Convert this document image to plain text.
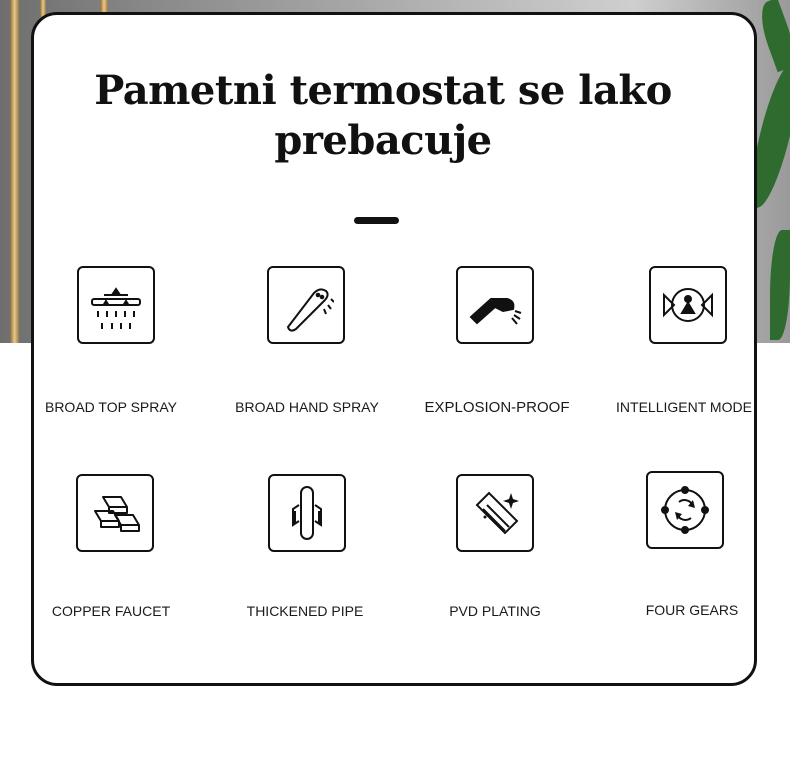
Pametni termostat se lako
prebacuje
BROAD TOP SPRAY	BROAD HAND SPRAY	EXPLOSION-PROOF	INTELLIGENT MODE
COPPER FAUCET	THICKENED PIPE	PVD PLATING	FOUR GEARS
